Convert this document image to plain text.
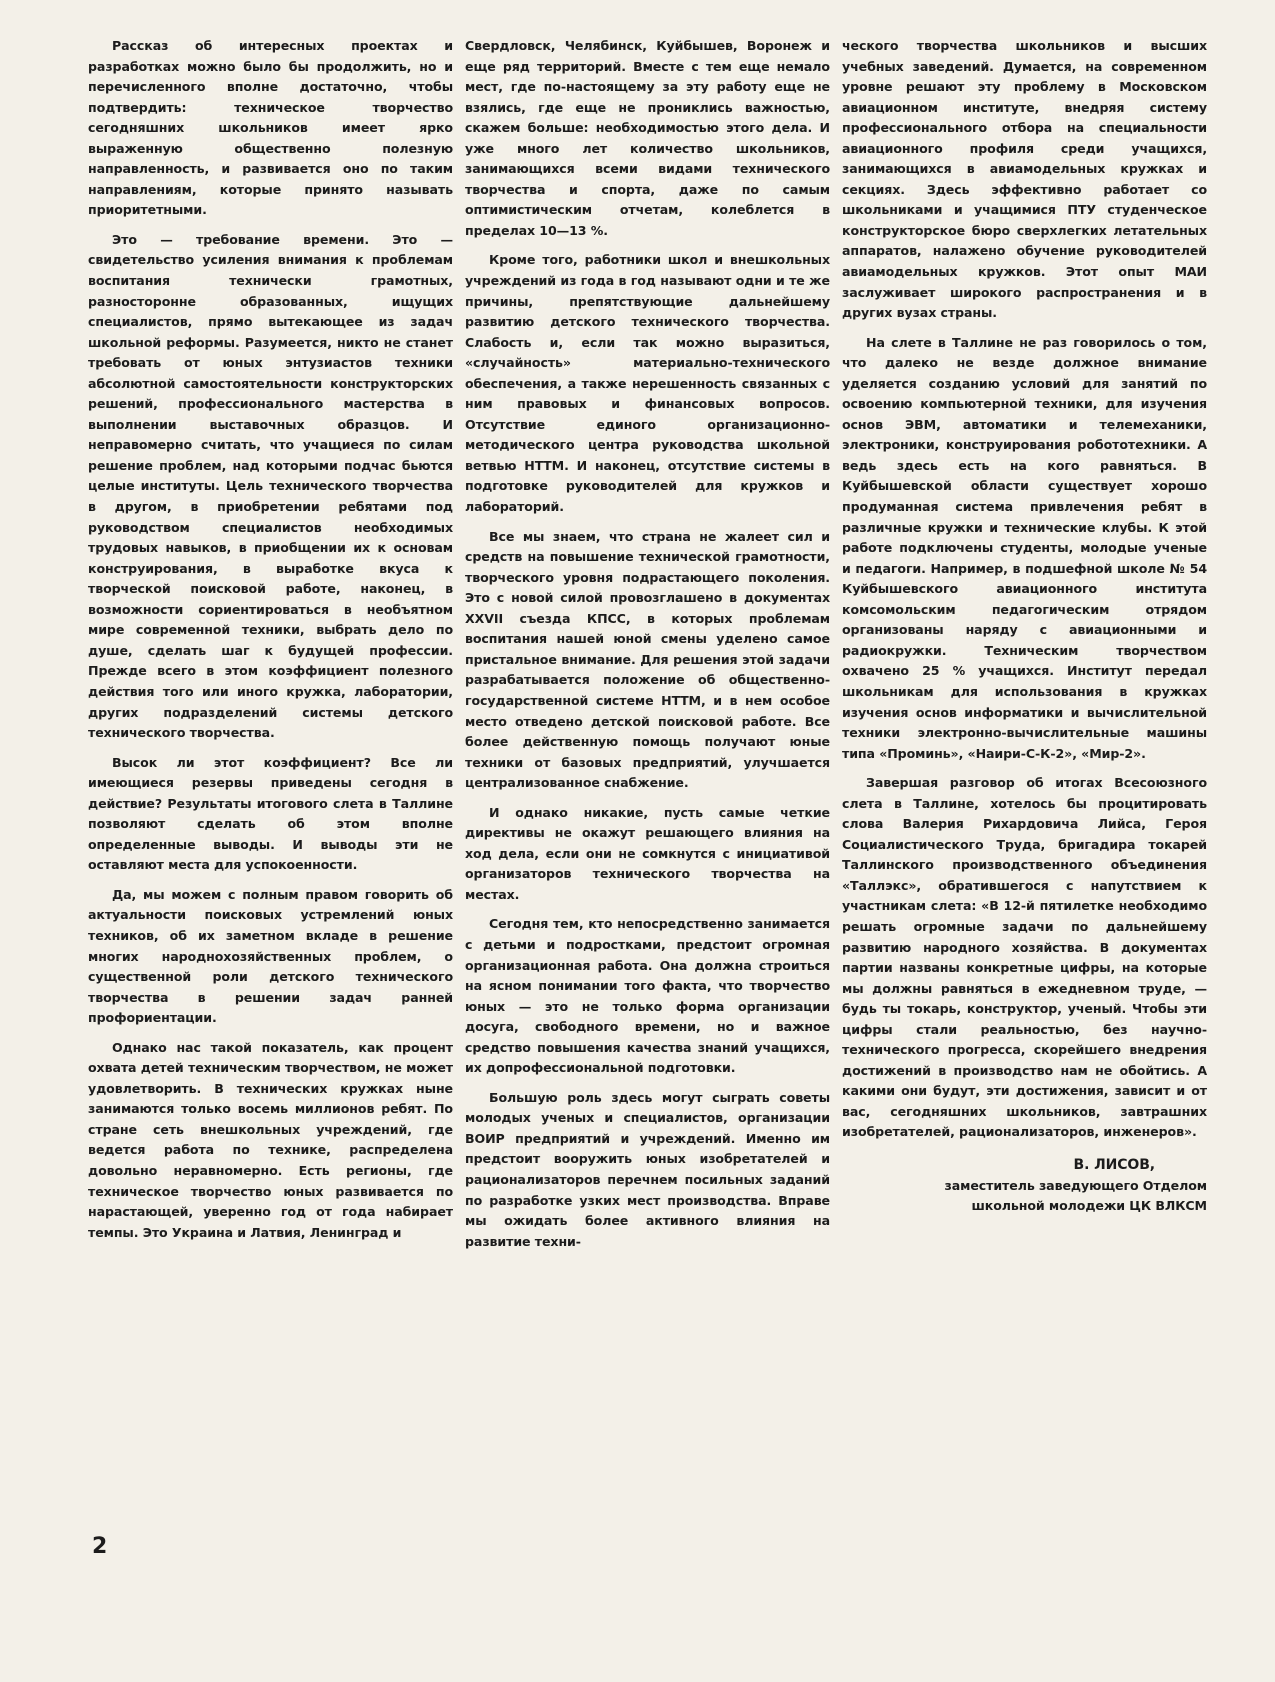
Рассказ об интересных проектах и разработках можно было бы продолжить, но и перечисленного вполне достаточно, чтобы подтвердить: техническое творчество сегодняшних школьников имеет ярко выраженную общественно полезную направленность, и развивается оно по таким направлениям, которые принято называть приоритетными.

Это — требование времени. Это — свидетельство усиления внимания к проблемам воспитания технически грамотных, разносторонне образованных, ищущих специалистов, прямо вытекающее из задач школьной реформы. Разумеется, никто не станет требовать от юных энтузиастов техники абсолютной самостоятельности конструкторских решений, профессионального мастерства в выполнении выставочных образцов. И неправомерно считать, что учащиеся по силам решение проблем, над которыми подчас бьются целые институты. Цель технического творчества в другом, в приобретении ребятами под руководством специалистов необходимых трудовых навыков, в приобщении их к основам конструирования, в выработке вкуса к творческой поисковой работе, наконец, в возможности сориентироваться в необъятном мире современной техники, выбрать дело по душе, сделать шаг к будущей профессии. Прежде всего в этом коэффициент полезного действия того или иного кружка, лаборатории, других подразделений системы детского технического творчества.

Высок ли этот коэффициент? Все ли имеющиеся резервы приведены сегодня в действие? Результаты итогового слета в Таллине позволяют сделать об этом вполне определенные выводы. И выводы эти не оставляют места для успокоенности.

Да, мы можем с полным правом говорить об актуальности поисковых устремлений юных техников, об их заметном вкладе в решение многих народнохозяйственных проблем, о существенной роли детского технического творчества в решении задач ранней профориентации.

Однако нас такой показатель, как процент охвата детей техническим творчеством, не может удовлетворить. В технических кружках ныне занимаются только восемь миллионов ребят. По стране сеть внешкольных учреждений, где ведется работа по технике, распределена довольно неравномерно. Есть регионы, где техническое творчество юных развивается по нарастающей, уверенно год от года набирает темпы. Это Украина и Латвия, Ленинград и

Свердловск, Челябинск, Куйбышев, Воронеж и еще ряд территорий. Вместе с тем еще немало мест, где по-настоящему за эту работу еще не взялись, где еще не прониклись важностью, скажем больше: необходимостью этого дела. И уже много лет количество школьников, занимающихся всеми видами технического творчества и спорта, даже по самым оптимистическим отчетам, колеблется в пределах 10—13 %.

Кроме того, работники школ и внешкольных учреждений из года в год называют одни и те же причины, препятствующие дальнейшему развитию детского технического творчества. Слабость и, если так можно выразиться, «случайность» материально-технического обеспечения, а также нерешенность связанных с ним правовых и финансовых вопросов. Отсутствие единого организационно-методического центра руководства школьной ветвью НТТМ. И наконец, отсутствие системы в подготовке руководителей для кружков и лабораторий.

Все мы знаем, что страна не жалеет сил и средств на повышение технической грамотности, творческого уровня подрастающего поколения. Это с новой силой провозглашено в документах XXVII съезда КПСС, в которых проблемам воспитания нашей юной смены уделено самое пристальное внимание. Для решения этой задачи разрабатывается положение об общественно-государственной системе НТТМ, и в нем особое место отведено детской поисковой работе. Все более действенную помощь получают юные техники от базовых предприятий, улучшается централизованное снабжение.

И однако никакие, пусть самые четкие директивы не окажут решающего влияния на ход дела, если они не сомкнутся с инициативой организаторов технического творчества на местах.

Сегодня тем, кто непосредственно занимается с детьми и подростками, предстоит огромная организационная работа. Она должна строиться на ясном понимании того факта, что творчество юных — это не только форма организации досуга, свободного времени, но и важное средство повышения качества знаний учащихся, их допрофессиональной подготовки.

Большую роль здесь могут сыграть советы молодых ученых и специалистов, организации ВОИР предприятий и учреждений. Именно им предстоит вооружить юных изобретателей и рационализаторов перечнем посильных заданий по разработке узких мест производства. Вправе мы ожидать более активного влияния на развитие техни-

ческого творчества школьников и высших учебных заведений. Думается, на современном уровне решают эту проблему в Московском авиационном институте, внедряя систему профессионального отбора на специальности авиационного профиля среди учащихся, занимающихся в авиамодельных кружках и секциях. Здесь эффективно работает со школьниками и учащимися ПТУ студенческое конструкторское бюро сверхлегких летательных аппаратов, налажено обучение руководителей авиамодельных кружков. Этот опыт МАИ заслуживает широкого распространения и в других вузах страны.

На слете в Таллине не раз говорилось о том, что далеко не везде должное внимание уделяется созданию условий для занятий по освоению компьютерной техники, для изучения основ ЭВМ, автоматики и телемеханики, электроники, конструирования робототехники. А ведь здесь есть на кого равняться. В Куйбышевской области существует хорошо продуманная система привлечения ребят в различные кружки и технические клубы. К этой работе подключены студенты, молодые ученые и педагоги. Например, в подшефной школе № 54 Куйбышевского авиационного института комсомольским педагогическим отрядом организованы наряду с авиационными и радиокружки. Техническим творчеством охвачено 25 % учащихся. Институт передал школьникам для использования в кружках изучения основ информатики и вычислительной техники электронно-вычислительные машины типа «Проминь», «Наири-С-К-2», «Мир-2».

Завершая разговор об итогах Всесоюзного слета в Таллине, хотелось бы процитировать слова Валерия Рихардовича Лийса, Героя Социалистического Труда, бригадира токарей Таллинского производственного объединения «Таллэкс», обратившегося с напутствием к участникам слета: «В 12-й пятилетке необходимо решать огромные задачи по дальнейшему развитию народного хозяйства. В документах партии названы конкретные цифры, на которые мы должны равняться в ежедневном труде, — будь ты токарь, конструктор, ученый. Чтобы эти цифры стали реальностью, без научно-технического прогресса, скорейшего внедрения достижений в производство нам не обойтись. А какими они будут, эти достижения, зависит и от вас, сегодняшних школьников, завтрашних изобретателей, рационализаторов, инженеров».

В. ЛИСОВ,
заместитель заведующего Отделом
школьной молодежи ЦК ВЛКСМ
2
